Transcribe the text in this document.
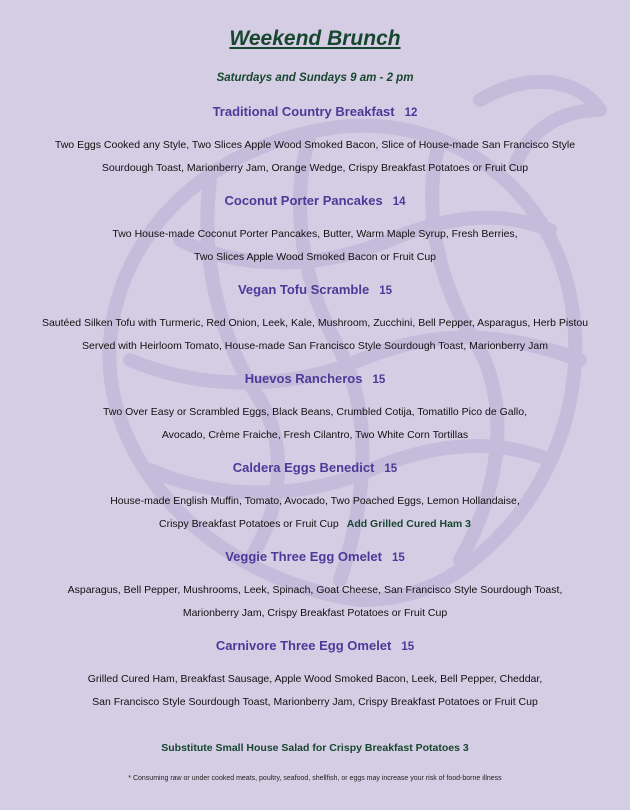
Weekend Brunch
Saturdays and Sundays 9 am - 2 pm
Traditional Country Breakfast 12
Two Eggs Cooked any Style, Two Slices Apple Wood Smoked Bacon, Slice of House-made San Francisco Style
Sourdough Toast, Marionberry Jam, Orange Wedge, Crispy Breakfast Potatoes or Fruit Cup
Coconut Porter Pancakes 14
Two House-made Coconut Porter Pancakes, Butter, Warm Maple Syrup, Fresh Berries,
Two Slices Apple Wood Smoked Bacon or Fruit Cup
Vegan Tofu Scramble 15
Sautéed Silken Tofu with Turmeric, Red Onion, Leek, Kale, Mushroom, Zucchini, Bell Pepper, Asparagus, Herb Pistou
Served with Heirloom Tomato, House-made San Francisco Style Sourdough Toast, Marionberry Jam
Huevos Rancheros 15
Two Over Easy or Scrambled Eggs, Black Beans, Crumbled Cotija, Tomatillo Pico de Gallo,
Avocado, Crème Fraiche, Fresh Cilantro, Two White Corn Tortillas
Caldera Eggs Benedict 15
House-made English Muffin, Tomato, Avocado, Two Poached Eggs, Lemon Hollandaise,
Crispy Breakfast Potatoes or Fruit Cup Add Grilled Cured Ham 3
Veggie Three Egg Omelet 15
Asparagus, Bell Pepper, Mushrooms, Leek, Spinach, Goat Cheese, San Francisco Style Sourdough Toast,
Marionberry Jam, Crispy Breakfast Potatoes or Fruit Cup
Carnivore Three Egg Omelet 15
Grilled Cured Ham, Breakfast Sausage, Apple Wood Smoked Bacon, Leek, Bell Pepper, Cheddar,
San Francisco Style Sourdough Toast, Marionberry Jam, Crispy Breakfast Potatoes or Fruit Cup
Substitute Small House Salad for Crispy Breakfast Potatoes 3
* Consuming raw or under cooked meats, poultry, seafood, shellfish, or eggs may increase your risk of food-borne illness
